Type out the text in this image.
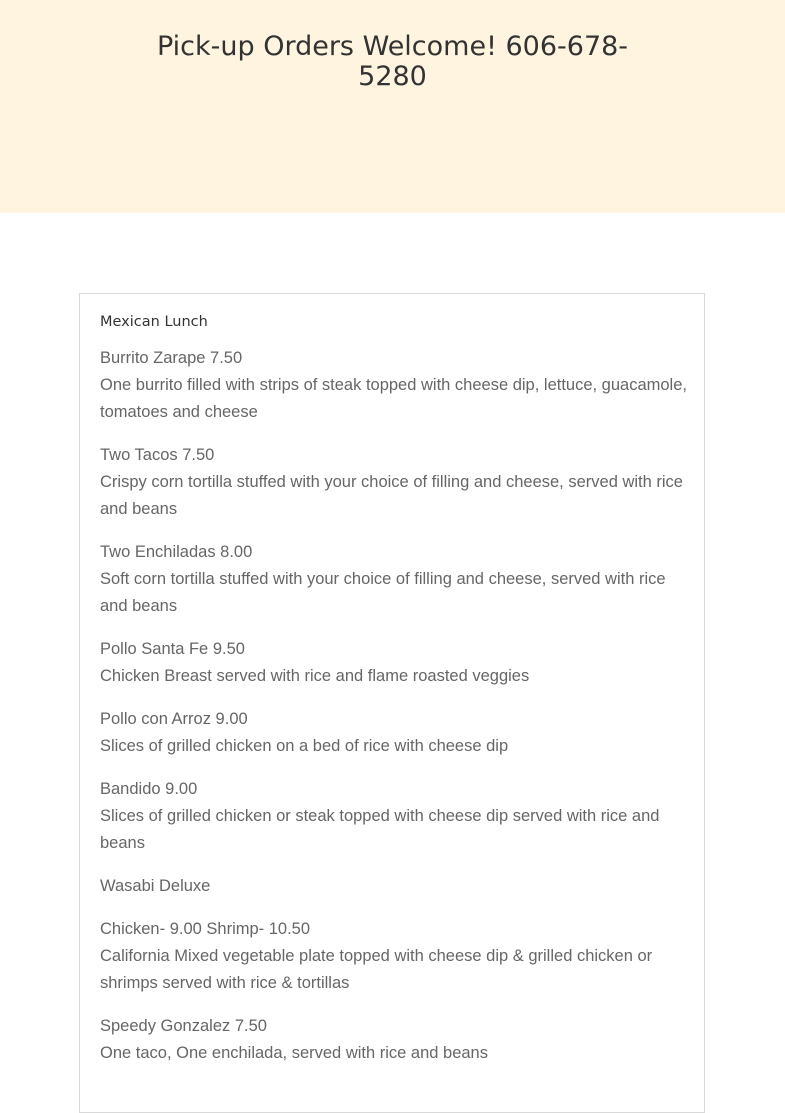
Pick-up Orders Welcome! 606-678-5280
Mexican Lunch
Burrito Zarape 7.50
One burrito filled with strips of steak topped with cheese dip, lettuce, guacamole, tomatoes and cheese
Two Tacos 7.50
Crispy corn tortilla stuffed with your choice of filling and cheese, served with rice and beans
Two Enchiladas 8.00
Soft corn tortilla stuffed with your choice of filling and cheese, served with rice and beans
Pollo Santa Fe 9.50
Chicken Breast served with rice and flame roasted veggies
Pollo con Arroz 9.00
Slices of grilled chicken on a bed of rice with cheese dip
Bandido 9.00
Slices of grilled chicken or steak topped with cheese dip served with rice and beans
Wasabi Deluxe
Chicken- 9.00 Shrimp- 10.50
California Mixed vegetable plate topped with cheese dip & grilled chicken or shrimps served with rice & tortillas
Speedy Gonzalez 7.50
One taco, One enchilada, served with rice and beans
